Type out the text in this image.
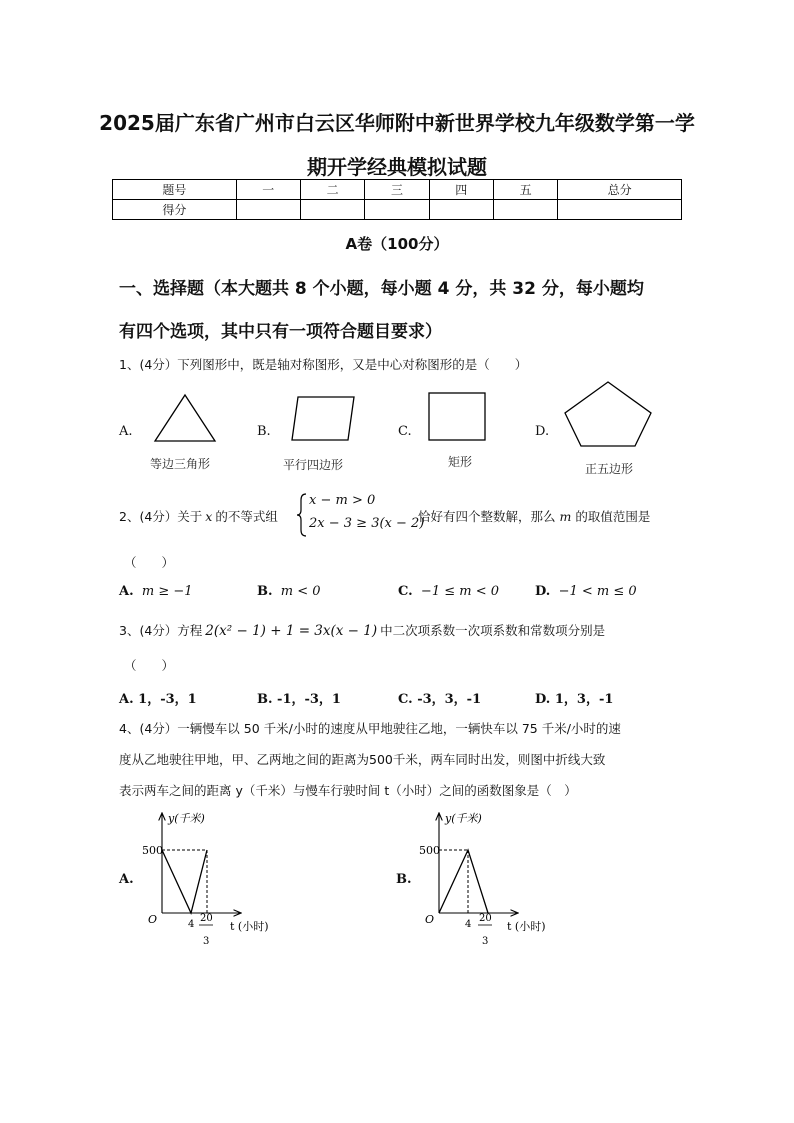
2025届广东省广州市白云区华师附中新世界学校九年级数学第一学
期开学经典模拟试题
题号	一	二	三	四	五	总分
得分						
A卷（100分）
一、选择题（本大题共 8 个小题，每小题 4 分，共 32 分，每小题均
有四个选项，其中只有一项符合题目要求）
1、(4分）下列图形中，既是轴对称图形，又是中心对称图形的是（　　）
A.
等边三角形
B.
平行四边形
C.
矩形
D.
正五边形
2、(4分）关于 x 的不等式组
x − m > 0
2x − 3 ≥ 3(x − 2)
恰好有四个整数解，那么 m 的取值范围是
（　　）
A. m ≥ −1	B. m < 0	C. −1 ≤ m < 0	D. −1 < m ≤ 0
3、(4分）方程 2(x² − 1) + 1 = 3x(x − 1) 中二次项系数一次项系数和常数项分别是
（　　）
A. 1，-3，1	B. -1，-3，1	C. -3，3，-1	D. 1，3，-1
4、(4分）一辆慢车以 50 千米/小时的速度从甲地驶往乙地，一辆快车以 75 千米/小时的速
度从乙地驶往甲地，甲、乙两地之间的距离为500千米，两车同时出发，则图中折线大致
表示两车之间的距离 y（千米）与慢车行驶时间 t（小时）之间的函数图象是（　）
A.
y(千米)
500
O	4
20
3
t (小时)
B.
y(千米)
500
O	4
20
3
t (小时)
